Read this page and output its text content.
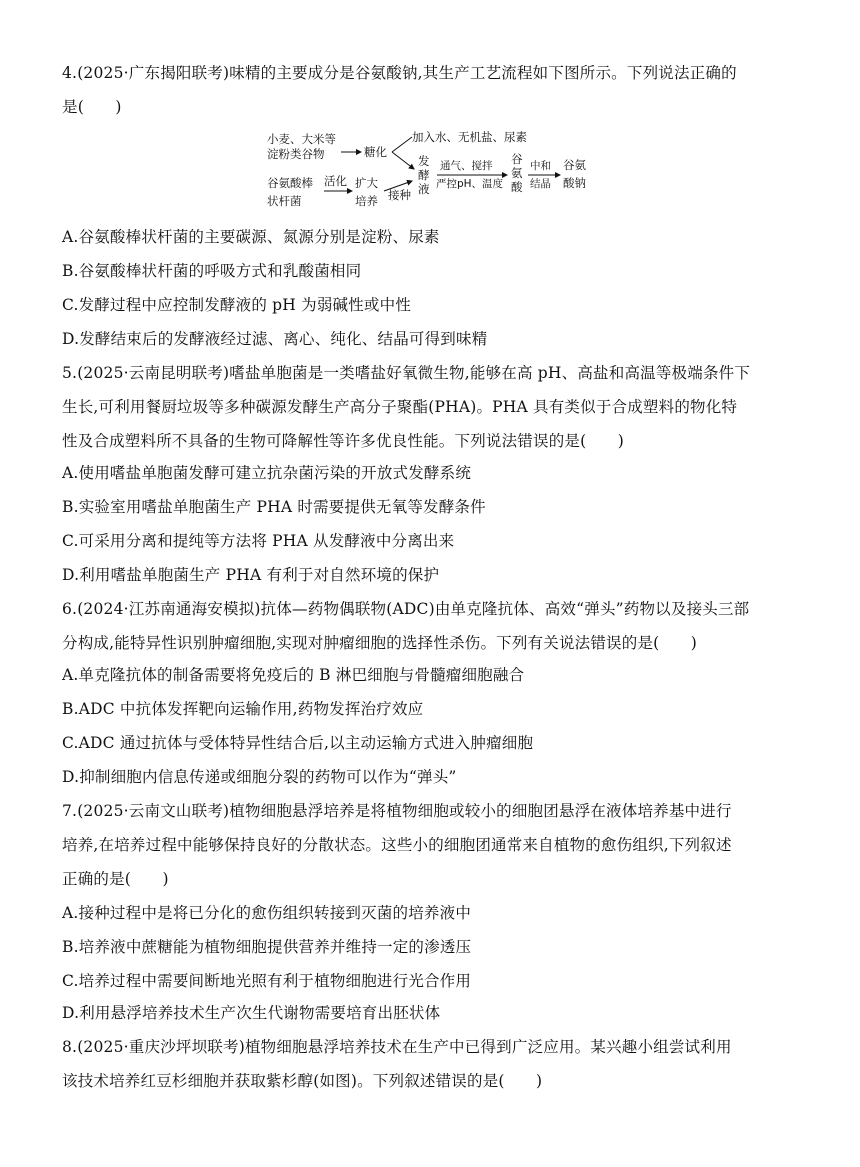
4.(2025·广东揭阳联考)味精的主要成分是谷氨酸钠,其生产工艺流程如下图所示。下列说法正确的
是(　　)
小麦、大米等
淀粉类谷物	糖化
加入水、无机盐、尿素
发
酵
液
谷氨酸棒
状杆菌
活化 扩大
培养 接种
通气、搅拌
严控pH、温度
谷
氨
酸
中和
结晶
谷氨
酸钠
A.谷氨酸棒状杆菌的主要碳源、氮源分别是淀粉、尿素
B.谷氨酸棒状杆菌的呼吸方式和乳酸菌相同
C.发酵过程中应控制发酵液的 pH 为弱碱性或中性
D.发酵结束后的发酵液经过滤、离心、纯化、结晶可得到味精
5.(2025·云南昆明联考)嗜盐单胞菌是一类嗜盐好氧微生物,能够在高 pH、高盐和高温等极端条件下
生长,可利用餐厨垃圾等多种碳源发酵生产高分子聚酯(PHA)。PHA 具有类似于合成塑料的物化特
性及合成塑料所不具备的生物可降解性等许多优良性能。下列说法错误的是(　　)
A.使用嗜盐单胞菌发酵可建立抗杂菌污染的开放式发酵系统
B.实验室用嗜盐单胞菌生产 PHA 时需要提供无氧等发酵条件
C.可采用分离和提纯等方法将 PHA 从发酵液中分离出来
D.利用嗜盐单胞菌生产 PHA 有利于对自然环境的保护
6.(2024·江苏南通海安模拟)抗体—药物偶联物(ADC)由单克隆抗体、高效“弹头”药物以及接头三部
分构成,能特异性识别肿瘤细胞,实现对肿瘤细胞的选择性杀伤。下列有关说法错误的是(　　)
A.单克隆抗体的制备需要将免疫后的 B 淋巴细胞与骨髓瘤细胞融合
B.ADC 中抗体发挥靶向运输作用,药物发挥治疗效应
C.ADC 通过抗体与受体特异性结合后,以主动运输方式进入肿瘤细胞
D.抑制细胞内信息传递或细胞分裂的药物可以作为“弹头”
7.(2025·云南文山联考)植物细胞悬浮培养是将植物细胞或较小的细胞团悬浮在液体培养基中进行
培养,在培养过程中能够保持良好的分散状态。这些小的细胞团通常来自植物的愈伤组织,下列叙述
正确的是(　　)
A.接种过程中是将已分化的愈伤组织转接到灭菌的培养液中
B.培养液中蔗糖能为植物细胞提供营养并维持一定的渗透压
C.培养过程中需要间断地光照有利于植物细胞进行光合作用
D.利用悬浮培养技术生产次生代谢物需要培育出胚状体
8.(2025·重庆沙坪坝联考)植物细胞悬浮培养技术在生产中已得到广泛应用。某兴趣小组尝试利用
该技术培养红豆杉细胞并获取紫杉醇(如图)。下列叙述错误的是(　　)
